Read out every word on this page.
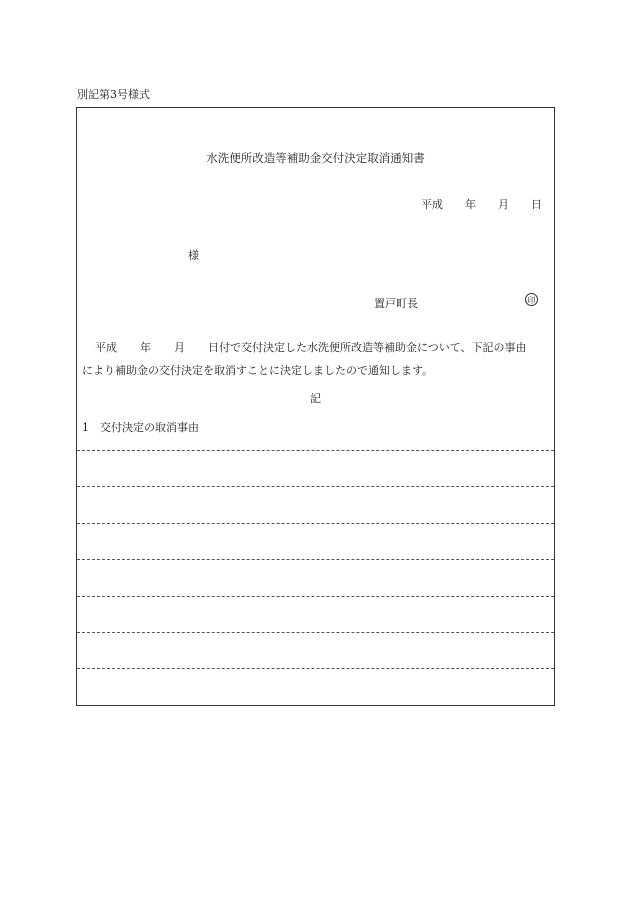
別記第3号様式
水洗便所改造等補助金交付決定取消通知書
平成 年 月 日
様
置戸町長	印
平成 年 月 日付で交付決定した水洗便所改造等補助金について、下記の事由
により補助金の交付決定を取消すことに決定しましたので通知します。
記
1 交付決定の取消事由
